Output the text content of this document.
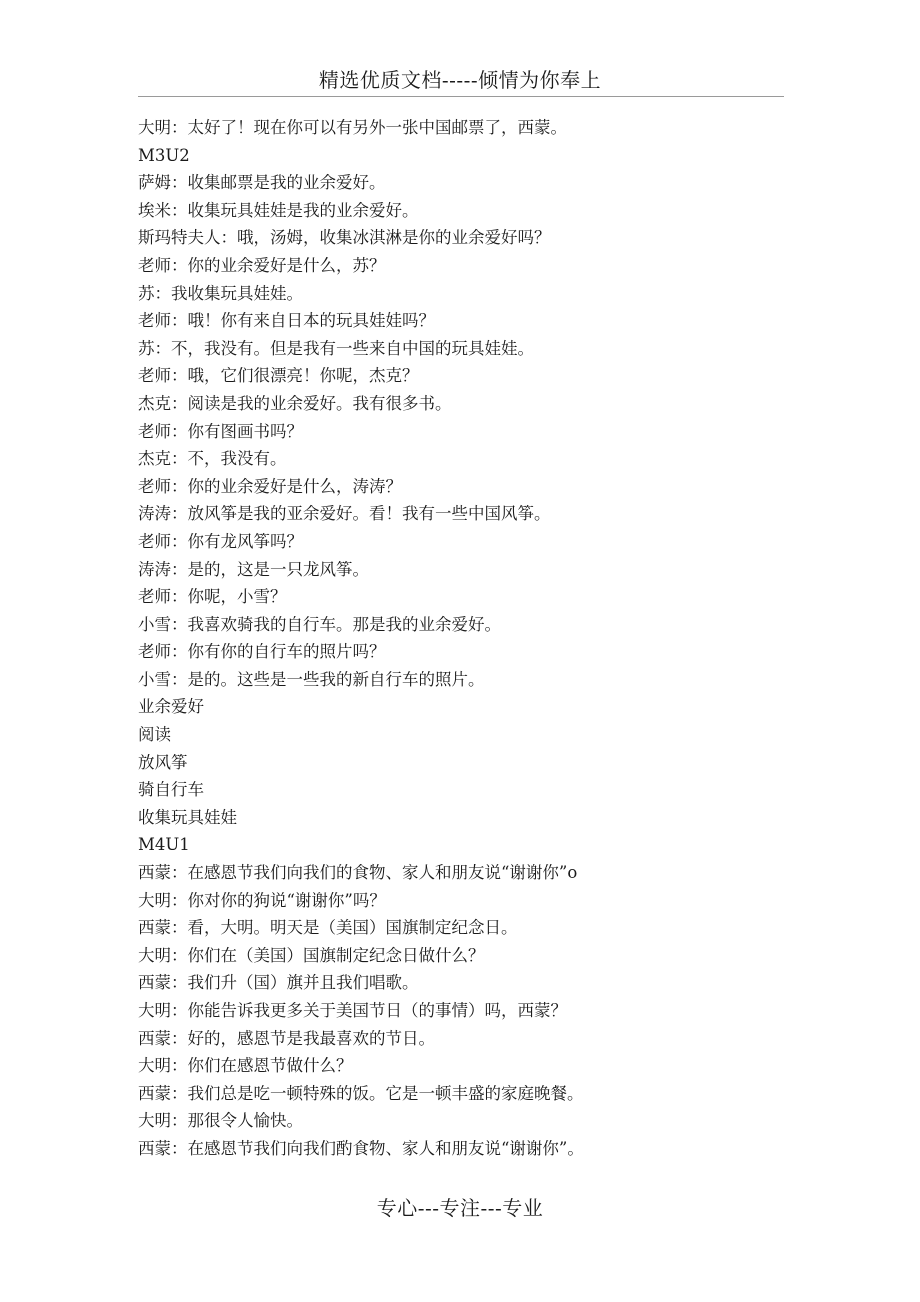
精选优质文档-----倾情为你奉上
大明：太好了！现在你可以有另外一张中国邮票了，西蒙。
M3U2
萨姆：收集邮票是我的业余爱好。
埃米：收集玩具娃娃是我的业余爱好。
斯玛特夫人：哦，汤姆，收集冰淇淋是你的业余爱好吗？
老师：你的业余爱好是什么，苏？
苏：我收集玩具娃娃。
老师：哦！你有来自日本的玩具娃娃吗？
苏：不，我没有。但是我有一些来自中国的玩具娃娃。
老师：哦，它们很漂亮！你呢，杰克？
杰克：阅读是我的业余爱好。我有很多书。
老师：你有图画书吗？
杰克：不，我没有。
老师：你的业余爱好是什么，涛涛？
涛涛：放风筝是我的亚余爱好。看！我有一些中国风筝。
老师：你有龙风筝吗？
涛涛：是的，这是一只龙风筝。
老师：你呢，小雪？
小雪：我喜欢骑我的自行车。那是我的业余爱好。
老师：你有你的自行车的照片吗？
小雪：是的。这些是一些我的新自行车的照片。
业余爱好
阅读
放风筝
骑自行车
收集玩具娃娃
M4U1
西蒙：在感恩节我们向我们的食物、家人和朋友说“谢谢你”o
大明：你对你的狗说“谢谢你”吗？
西蒙：看，大明。明天是（美国）国旗制定纪念日。
大明：你们在（美国）国旗制定纪念日做什么？
西蒙：我们升（国）旗并且我们唱歌。
大明：你能告诉我更多关于美国节日（的事情）吗，西蒙？
西蒙：好的，感恩节是我最喜欢的节日。
大明：你们在感恩节做什么？
西蒙：我们总是吃一顿特殊的饭。它是一顿丰盛的家庭晚餐。
大明：那很令人愉快。
西蒙：在感恩节我们向我们酌食物、家人和朋友说“谢谢你”。
专心---专注---专业
